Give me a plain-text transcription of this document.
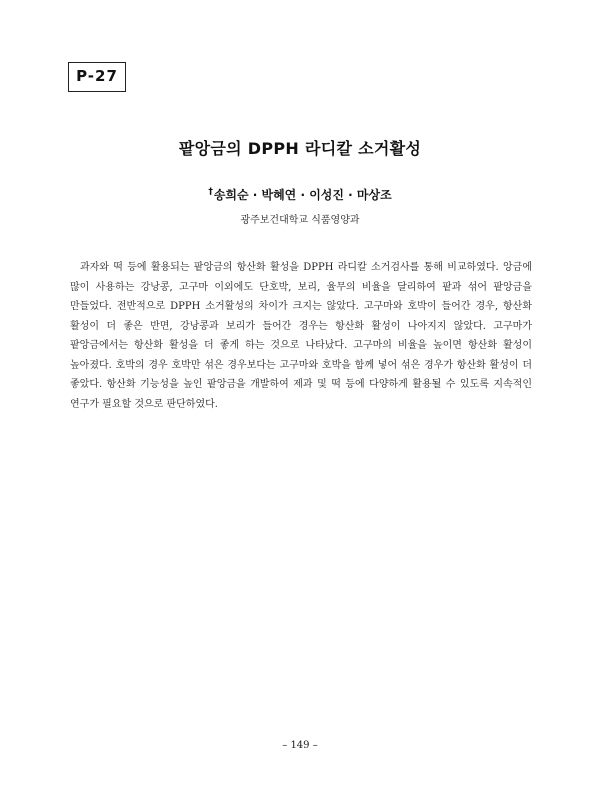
P-27
팥앙금의 DPPH 라디칼 소거활성
†송희순 · 박혜연 · 이성진 · 마상조
광주보건대학교 식품영양과

과자와 떡 등에 활용되는 팥앙금의 항산화 활성을 DPPH 라디칼 소거검사를 통해 비교하였다. 앙금에 많이 사용하는 강낭콩, 고구마 이외에도 단호박, 보리, 율무의 비율을 달리하여 팥과 섞어 팥앙금을 만들었다. 전반적으로 DPPH 소거활성의 차이가 크지는 않았다. 고구마와 호박이 들어간 경우, 항산화 활성이 더 좋은 반면, 강낭콩과 보리가 들어간 경우는 항산화 활성이 나아지지 않았다. 고구마가 팥앙금에서는 항산화 활성을 더 좋게 하는 것으로 나타났다. 고구마의 비율을 높이면 항산화 활성이 높아졌다. 호박의 경우 호박만 섞은 경우보다는 고구마와 호박을 함께 넣어 섞은 경우가 항산화 활성이 더 좋았다. 항산화 기능성을 높인 팥앙금을 개발하여 제과 및 떡 등에 다양하게 활용될 수 있도록 지속적인 연구가 필요할 것으로 판단하였다.

– 149 –
